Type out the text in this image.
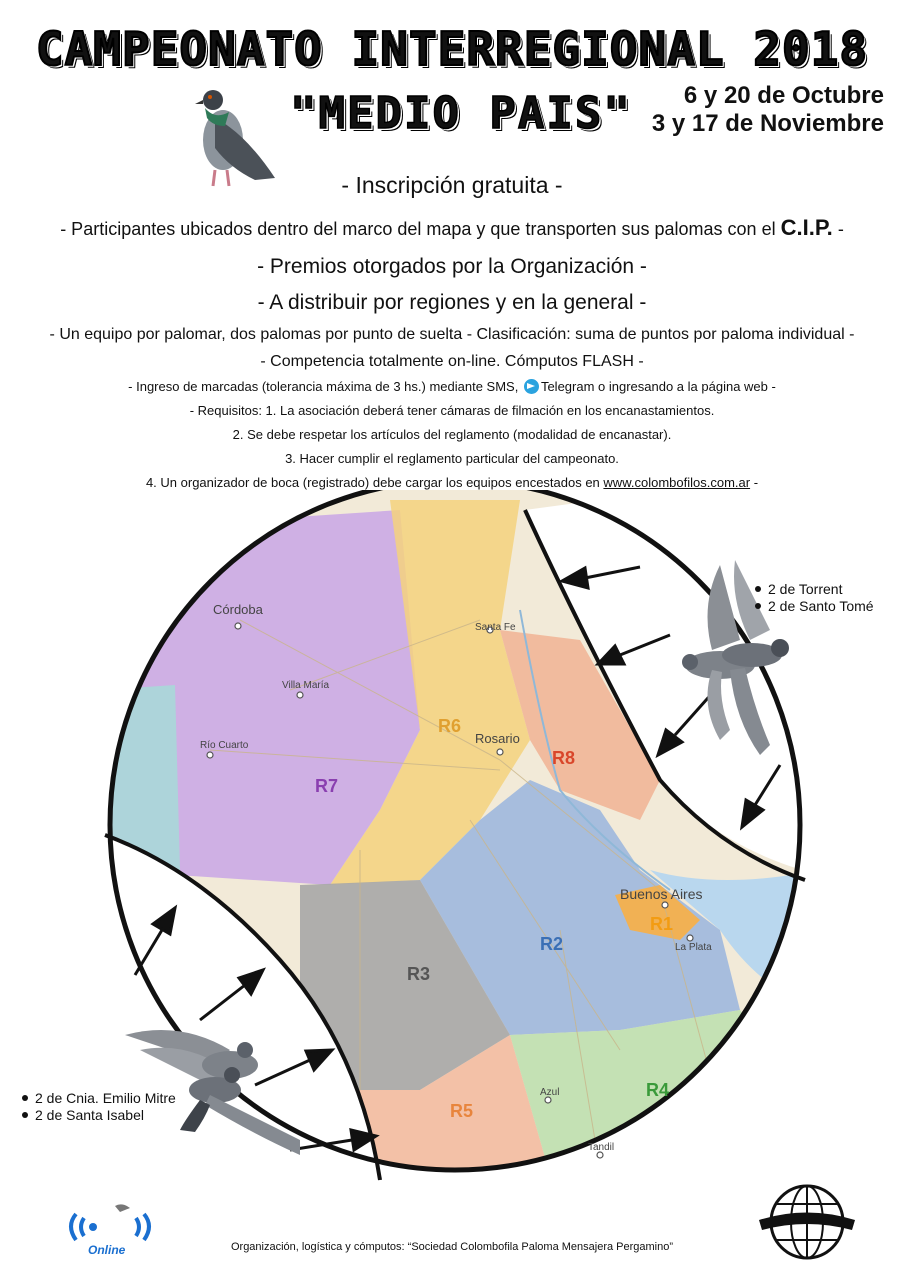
CAMPEONATO INTERREGIONAL 2018
"MEDIO PAIS"	6 y 20 de Octubre
3 y 17 de Noviembre
- Inscripción gratuita -
- Participantes ubicados dentro del marco del mapa y que transporten sus palomas con el C.I.P. -
- Premios otorgados por la Organización -
- A distribuir por regiones y en la general -
- Un equipo por palomar, dos palomas por punto de suelta - Clasificación: suma de puntos por paloma individual -
- Competencia totalmente on-line. Cómputos FLASH -
- Ingreso de marcadas (tolerancia máxima de 3 hs.) mediante SMS, Telegram o ingresando a la página web -
- Requisitos: 1. La asociación deberá tener cámaras de filmación en los encanastamientos.
2. Se debe respetar los artículos del reglamento (modalidad de encanastar).
3. Hacer cumplir el reglamento particular del campeonato.
4. Un organizador de boca (registrado) debe cargar los equipos encestados en www.colombofilos.com.ar -
Córdoba
Santa Fe
Villa María
Rosario
Río Cuarto
Buenos Aires
La Plata
Azul
Tandil
R7
R6
R8
R1
R2
R3
R5
R4
2 de Torrent
2 de Santo Tomé
2 de Cnia. Emilio Mitre
2 de Santa Isabel
Online	Organización, logística y cómputos: “Sociedad Colombofila Paloma Mensajera Pergamino”
